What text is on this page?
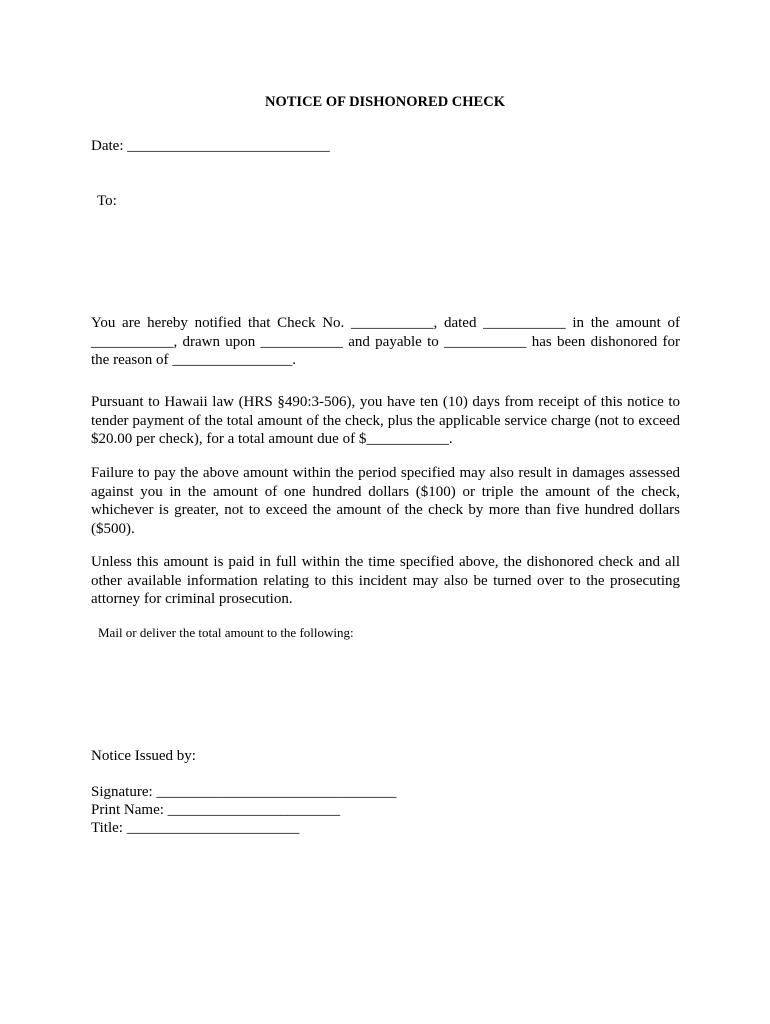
NOTICE OF DISHONORED CHECK
Date: ___________________________
To:

You are hereby notified that Check No. ___________, dated ___________ in the amount of ___________, drawn upon ___________ and payable to ___________ has been dishonored for the reason of ________________.

Pursuant to Hawaii law (HRS §490:3-506), you have ten (10) days from receipt of this notice to tender payment of the total amount of the check, plus the applicable service charge (not to exceed $20.00 per check), for a total amount due of $___________.

Failure to pay the above amount within the period specified may also result in damages assessed against you in the amount of one hundred dollars ($100) or triple the amount of the check, whichever is greater, not to exceed the amount of the check by more than five hundred dollars ($500).

Unless this amount is paid in full within the time specified above, the dishonored check and all other available information relating to this incident may also be turned over to the prosecuting attorney for criminal prosecution.

Mail or deliver the total amount to the following:
Notice Issued by:
Signature: ________________________________
Print Name: _______________________
Title: _______________________
